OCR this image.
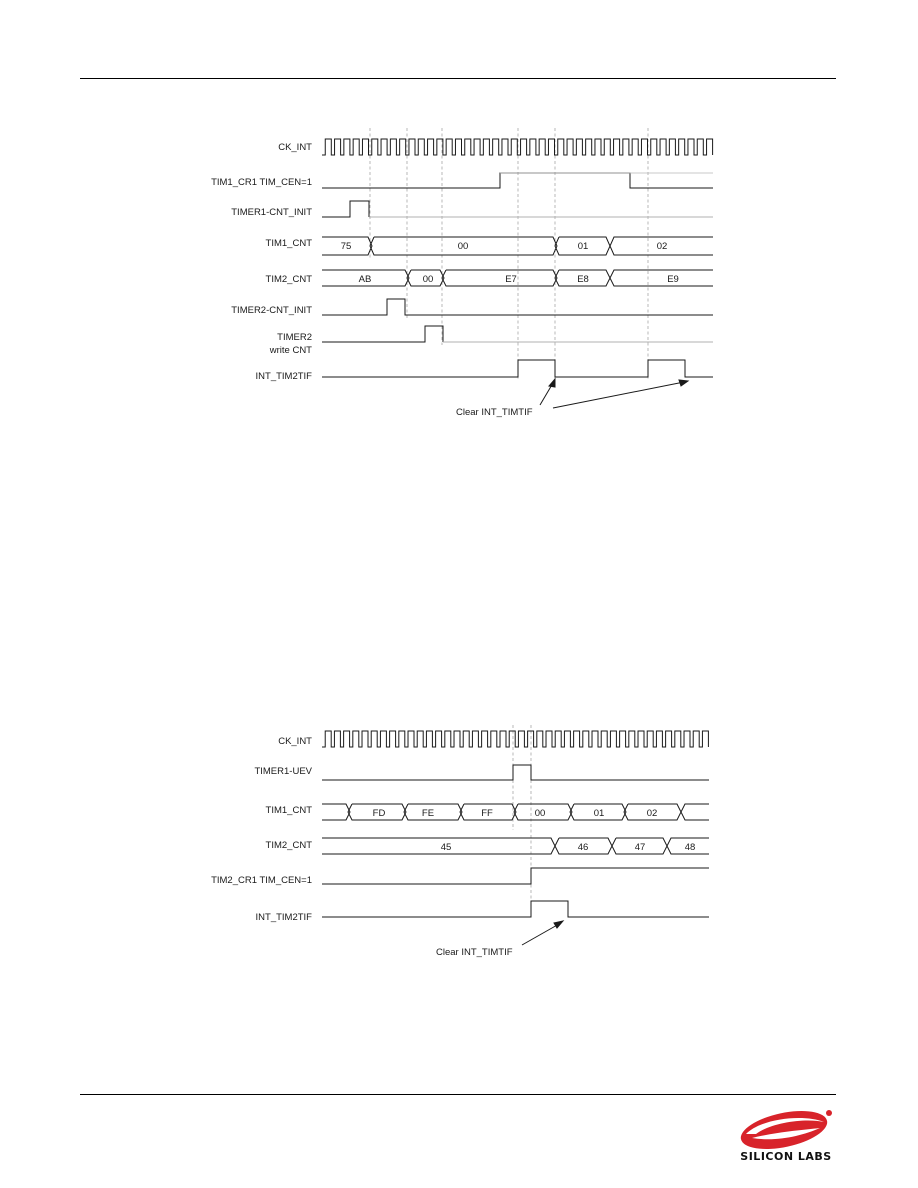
CK_INT
TIM1_CR1 TIM_CEN=1
TIMER1-CNT_INIT
TIM1_CNT
TIM2_CNT
TIMER2-CNT_INIT
TIMER2
write CNT
INT_TIM2TIF
75	00	01	02
AB	00	E7	E8	E9
Clear INT_TIMTIF
CK_INT
TIMER1-UEV
TIM1_CNT
TIM2_CNT
TIM2_CR1 TIM_CEN=1
INT_TIM2TIF
FD	FE	FF	00	01	02
45	46	47	48
Clear INT_TIMTIF
SILICON LABS
